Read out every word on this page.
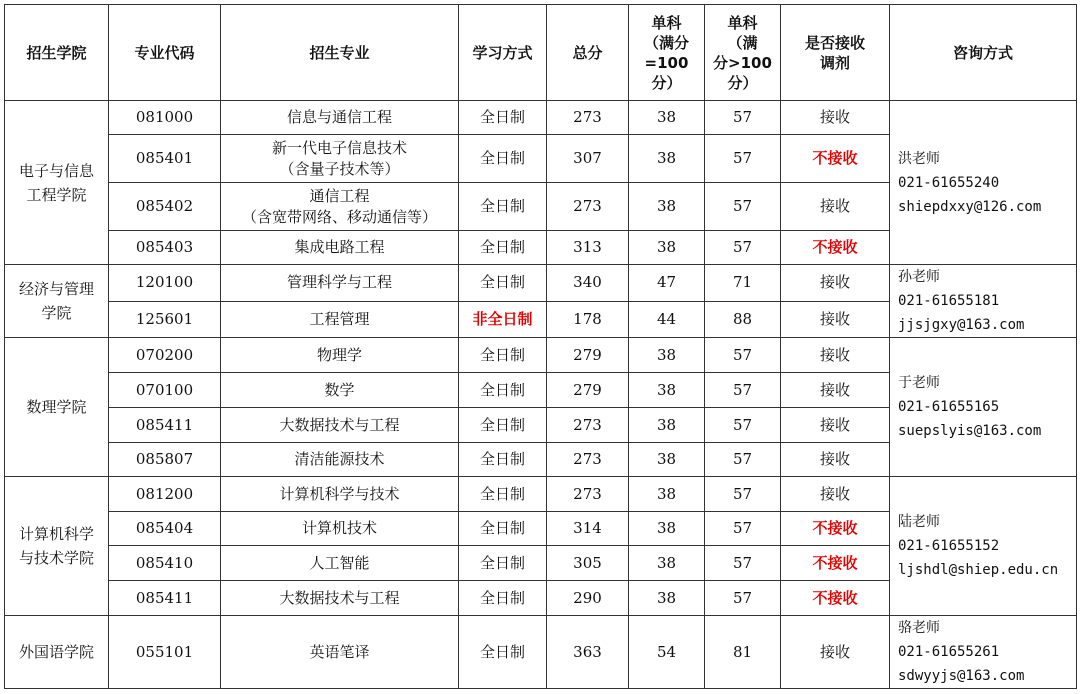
招生学院	专业代码	招生专业	学习方式	总分	单科
（满分
=100
分）	单科
（满
分>100
分）	是否接收
调剂	咨询方式

电子与信息
工程学院	081000	信息与通信工程	全日制	273	38	57	接收	洪老师
021-61655240
shiepdxxy@126.com

	085401	新一代电子信息技术
（含量子技术等）	全日制	307	38	57	不接收	
	085402	通信工程
（含宽带网络、移动通信等）	全日制	273	38	57	接收	
	085403	集成电路工程	全日制	313	38	57	不接收	

经济与管理
学院	120100	管理科学与工程	全日制	340	47	71	接收	孙老师
021-61655181
jjsjgxy@163.com

	125601	工程管理	非全日制	178	44	88	接收	

数理学院	070200	物理学	全日制	279	38	57	接收	于老师
021-61655165
suepslyis@163.com

	070100	数学	全日制	279	38	57	接收	
	085411	大数据技术与工程	全日制	273	38	57	接收	
	085807	清洁能源技术	全日制	273	38	57	接收	

计算机科学
与技术学院	081200	计算机科学与技术	全日制	273	38	57	接收	陆老师
021-61655152
ljshdl@shiep.edu.cn

	085404	计算机技术	全日制	314	38	57	不接收	
	085410	人工智能	全日制	305	38	57	不接收	
	085411	大数据技术与工程	全日制	290	38	57	不接收	

外国语学院	055101	英语笔译	全日制	363	54	81	接收	骆老师
021-61655261
sdwyyjs@163.com
